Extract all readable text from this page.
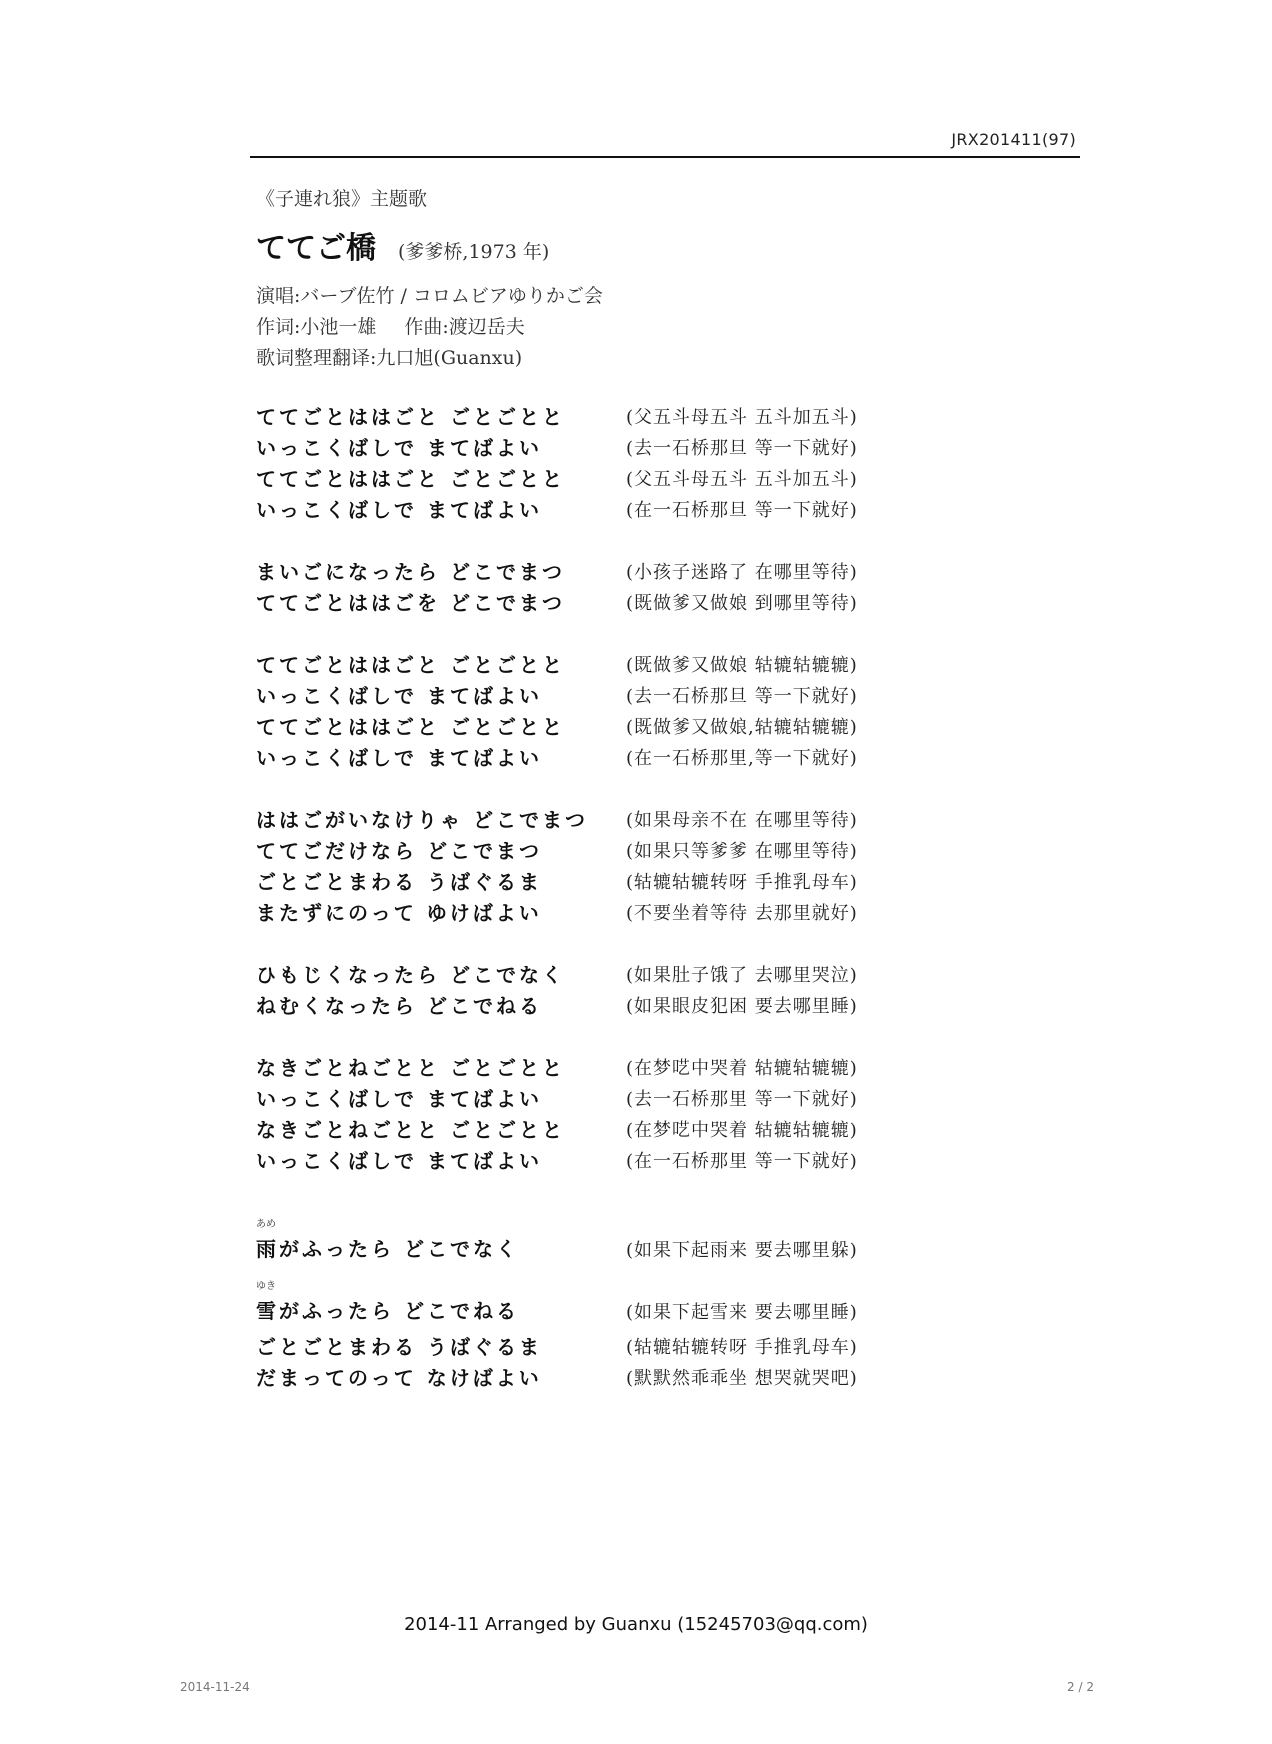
JRX201411(97)
《子連れ狼》主题歌
ててご橋 (爹爹桥,1973 年)
演唱:バーブ佐竹 / コロムビアゆりかご会
作词:小池一雄 作曲:渡辺岳夫
歌词整理翻译:九口旭(Guanxu)
ててごとははごと ごとごとと	(父五斗母五斗 五斗加五斗)
いっこくばしで まてばよい	(去一石桥那旦 等一下就好)
ててごとははごと ごとごとと	(父五斗母五斗 五斗加五斗)
いっこくばしで まてばよい	(在一石桥那旦 等一下就好)
まいごになったら どこでまつ	(小孩子迷路了 在哪里等待)
ててごとははごを どこでまつ	(既做爹又做娘 到哪里等待)
ててごとははごと ごとごとと	(既做爹又做娘 轱辘轱辘辘)
いっこくばしで まてばよい	(去一石桥那旦 等一下就好)
ててごとははごと ごとごとと	(既做爹又做娘,轱辘轱辘辘)
いっこくばしで まてばよい	(在一石桥那里,等一下就好)
ははごがいなけりゃ どこでまつ	(如果母亲不在 在哪里等待)
ててごだけなら どこでまつ	(如果只等爹爹 在哪里等待)
ごとごとまわる うばぐるま	(轱辘轱辘转呀 手推乳母车)
またずにのって ゆけばよい	(不要坐着等待 去那里就好)
ひもじくなったら どこでなく	(如果肚子饿了 去哪里哭泣)
ねむくなったら どこでねる	(如果眼皮犯困 要去哪里睡)
なきごとねごとと ごとごとと	(在梦呓中哭着 轱辘轱辘辘)
いっこくばしで まてばよい	(去一石桥那里 等一下就好)
なきごとねごとと ごとごとと	(在梦呓中哭着 轱辘轱辘辘)
いっこくばしで まてばよい	(在一石桥那里 等一下就好)
あめ
雨がふったら どこでなく	(如果下起雨来 要去哪里躲)
ゆき
雪がふったら どこでねる	(如果下起雪来 要去哪里睡)
ごとごとまわる うばぐるま	(轱辘轱辘转呀 手推乳母车)
だまってのって なけばよい	(默默然乖乖坐 想哭就哭吧)
2014-11 Arranged by Guanxu (15245703@qq.com)
2014-11-24	2 / 2
